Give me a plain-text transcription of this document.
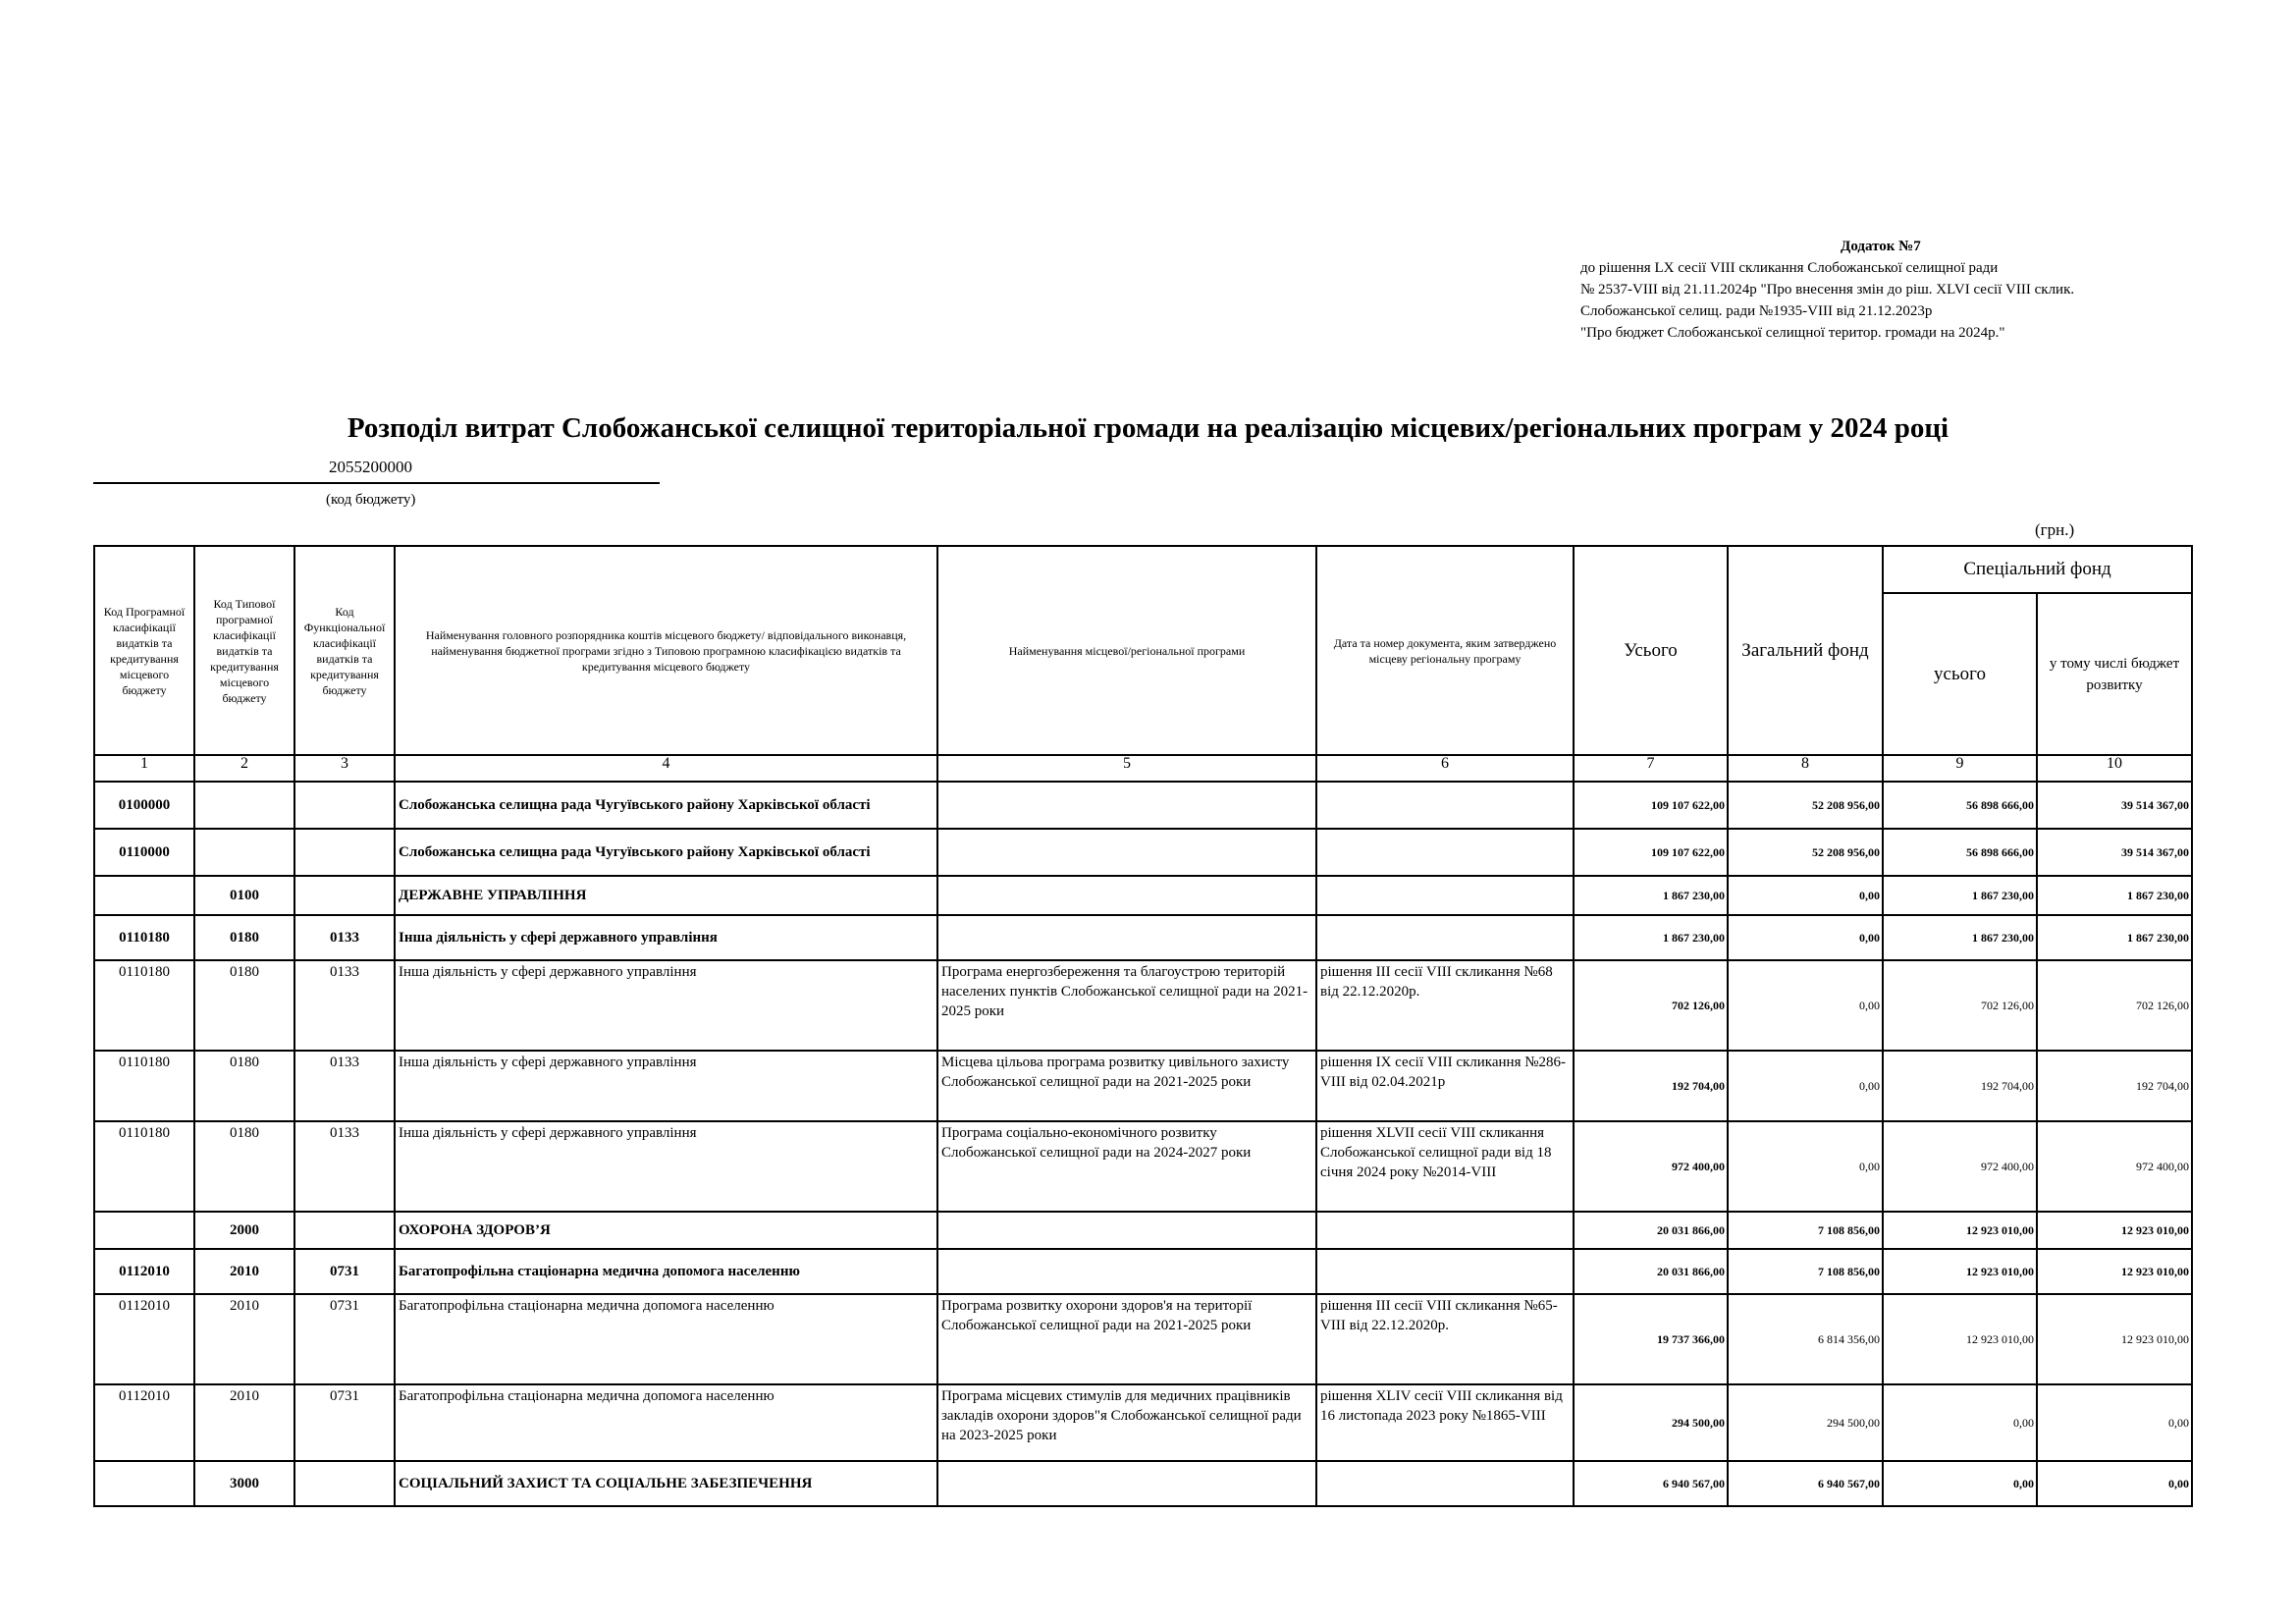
Додаток №7
до рішення LX сесії VIII скликання Слобожанської селищної ради
№ 2537-VIII від 21.11.2024р "Про внесення змін до ріш. XLVI сесії VIII склик.
Слобожанської селищ. ради №1935-VIII від 21.12.2023р
"Про бюджет Слобожанської селищної територ. громади на 2024р."
Розподіл витрат Слобожанської селищної територіальної громади на реалізацію місцевих/регіональних програм у 2024 році
2055200000
(код бюджету)
(грн.)
Код Програмної класифікації видатків та кредитування місцевого бюджету	Код Типової програмної класифікації видатків та кредитування місцевого бюджету	Код Функціональної класифікації видатків та кредитування бюджету	Найменування головного розпорядника коштів місцевого бюджету/ відповідального виконавця, найменування бюджетної програми згідно з Типовою програмною класифікацією видатків та кредитування місцевого бюджету	Найменування місцевої/регіональної програми	Дата та номер документа, яким затверджено місцеву регіональну програму	Усього	Загальний фонд	Спеціальний фонд	
								усього	у тому числі бюджет розвитку
1	2	3	4	5	6	7	8	9	10
0100000			Слобожанська селищна рада Чугуївського району Харківської області			109 107 622,00	52 208 956,00	56 898 666,00	39 514 367,00
0110000			Слобожанська селищна рада Чугуївського району Харківської області			109 107 622,00	52 208 956,00	56 898 666,00	39 514 367,00
	0100		ДЕРЖАВНЕ УПРАВЛІННЯ			1 867 230,00	0,00	1 867 230,00	1 867 230,00
0110180	0180	0133	Інша діяльність у сфері державного управління			1 867 230,00	0,00	1 867 230,00	1 867 230,00
0110180	0180	0133	Інша діяльність у сфері державного управління	Програма енергозбереження та благоустрою територій населених пунктів Слобожанської селищної ради на 2021-2025 роки	рішення III сесії VIII скликання №68 від 22.12.2020р.	702 126,00	0,00	702 126,00	702 126,00
0110180	0180	0133	Інша діяльність у сфері державного управління	Місцева цільова програма розвитку цивільного захисту Слобожанської селищної ради на 2021-2025 роки	рішення IX сесії VIII скликання №286- VIII від 02.04.2021р	192 704,00	0,00	192 704,00	192 704,00
0110180	0180	0133	Інша діяльність у сфері державного управління	Програма соціально-економічного розвитку Слобожанської селищної ради на 2024-2027 роки	рішення XLVII сесії VIII скликання Слобожанської селищної ради від 18 січня 2024 року №2014-VIII	972 400,00	0,00	972 400,00	972 400,00
	2000		ОХОРОНА ЗДОРОВ’Я			20 031 866,00	7 108 856,00	12 923 010,00	12 923 010,00
0112010	2010	0731	Багатопрофільна стаціонарна медична допомога населенню			20 031 866,00	7 108 856,00	12 923 010,00	12 923 010,00
0112010	2010	0731	Багатопрофільна стаціонарна медична допомога населенню	Програма розвитку охорони здоров'я на території Слобожанської селищної ради на 2021-2025 роки	рішення III сесії VIII скликання №65- VIII від 22.12.2020р.	19 737 366,00	6 814 356,00	12 923 010,00	12 923 010,00
0112010	2010	0731	Багатопрофільна стаціонарна медична допомога населенню	Програма місцевих стимулів для медичних працівників закладів охорони здоров"я Слобожанської селищної ради на 2023-2025 роки	рішення XLIV сесії VIII скликання від 16 листопада 2023 року №1865-VIII	294 500,00	294 500,00	0,00	0,00
	3000		СОЦІАЛЬНИЙ ЗАХИСТ ТА СОЦІАЛЬНЕ ЗАБЕЗПЕЧЕННЯ			6 940 567,00	6 940 567,00	0,00	0,00
